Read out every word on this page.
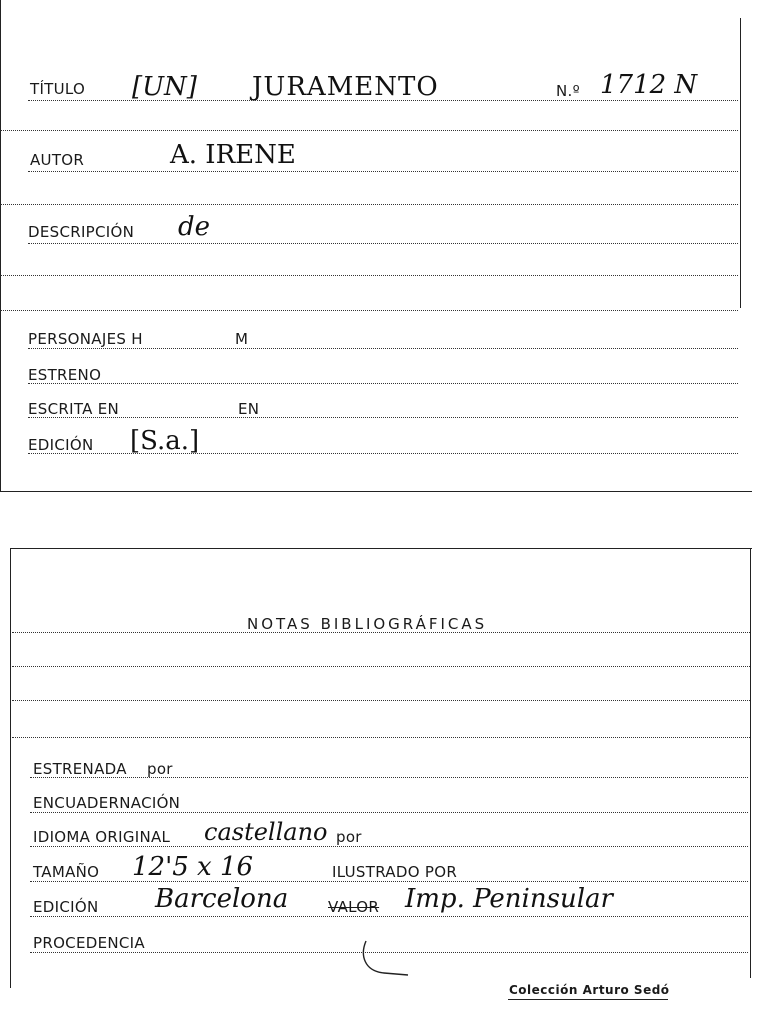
TÍTULO [UN] JURAMENTO	N.º 1712 N
AUTOR	A. IRENE
DESCRIPCIÓN de
PERSONAJES H	M
ESTRENO
ESCRITA EN	EN
EDICIÓN [S.a.]
NOTAS BIBLIOGRÁFICAS
ESTRENADA por
ENCUADERNACIÓN
IDIOMA ORIGINAL castellano por
TAMAÑO 12'5 x 16	ILUSTRADO POR
EDICIÓN Barcelona	VALOR Imp. Peninsular
PROCEDENCIA
Colección Arturo Sedó
